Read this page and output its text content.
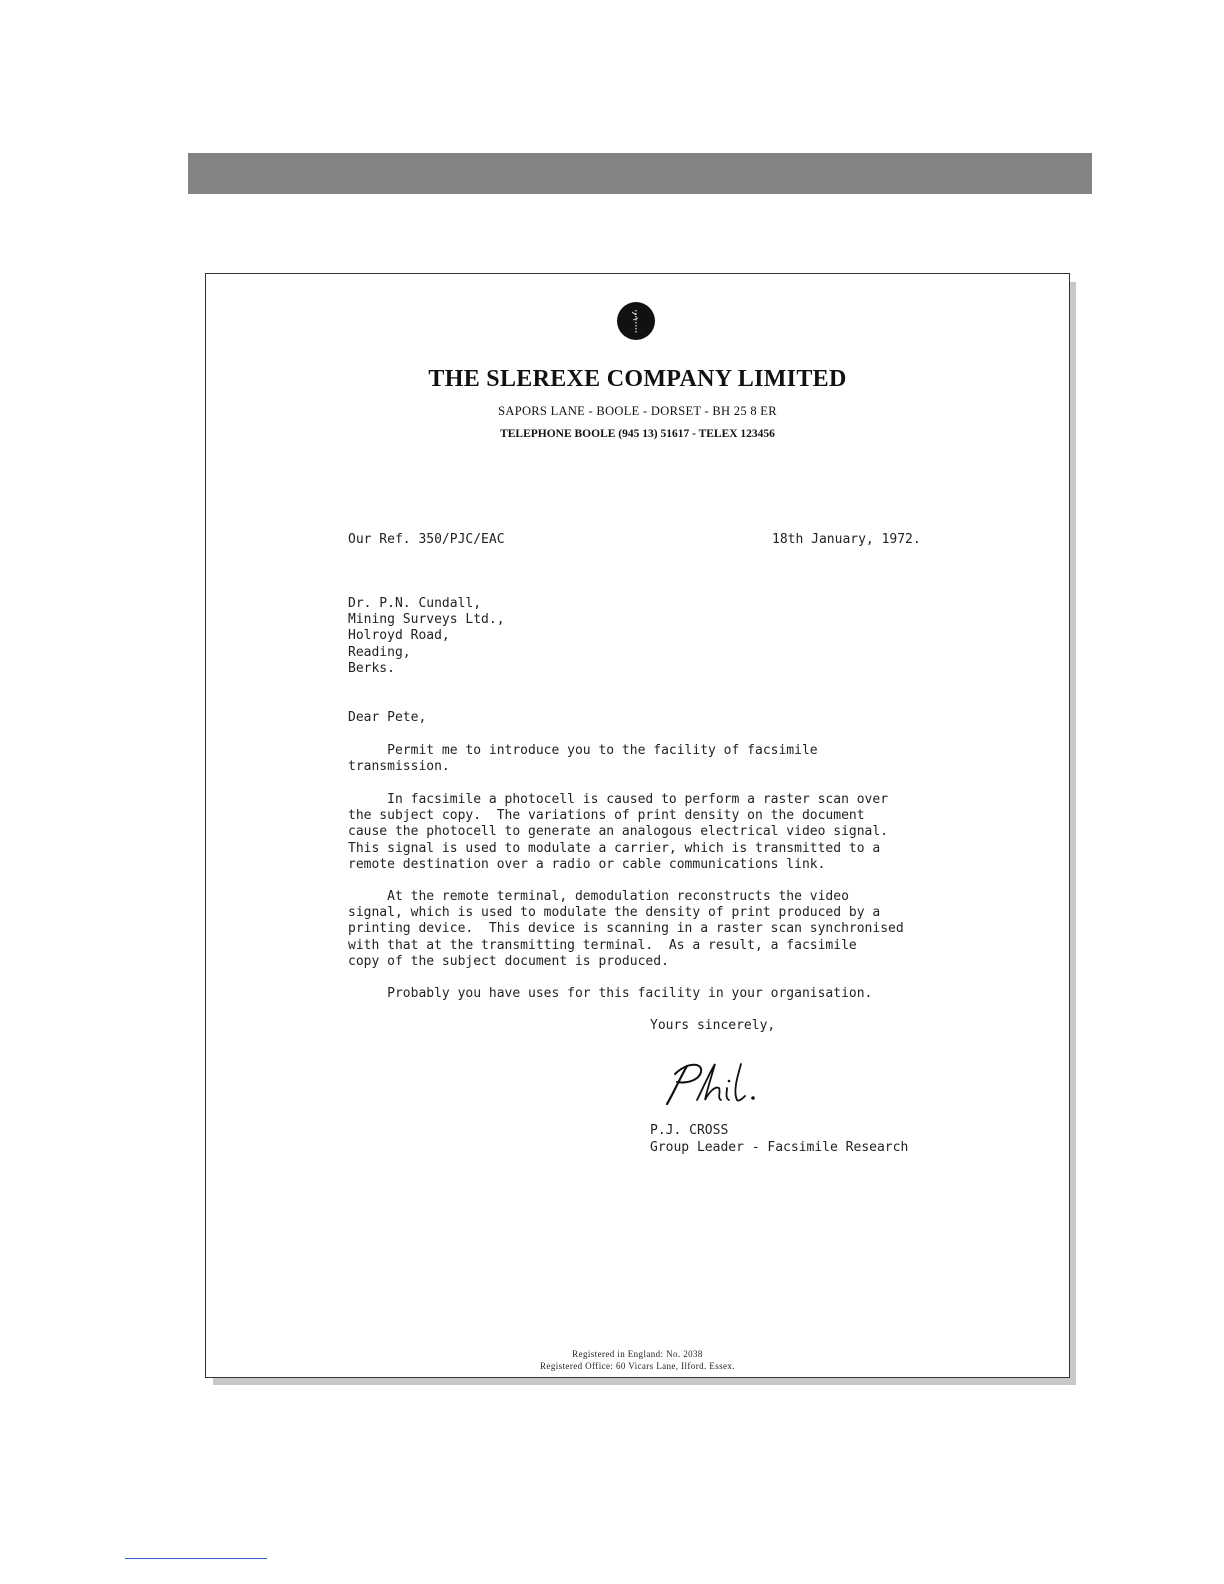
THE SLEREXE COMPANY LIMITED
SAPORS LANE - BOOLE - DORSET - BH 25 8 ER
TELEPHONE BOOLE (945 13) 51617 - TELEX 123456
Our Ref. 350/PJC/EAC	18th January, 1972.
Dr. P.N. Cundall,
Mining Surveys Ltd.,
Holroyd Road,
Reading,
Berks.
Dear Pete,
Permit me to introduce you to the facility of facsimile
transmission.
In facsimile a photocell is caused to perform a raster scan over
the subject copy.  The variations of print density on the document
cause the photocell to generate an analogous electrical video signal.
This signal is used to modulate a carrier, which is transmitted to a
remote destination over a radio or cable communications link.
At the remote terminal, demodulation reconstructs the video
signal, which is used to modulate the density of print produced by a
printing device.  This device is scanning in a raster scan synchronised
with that at the transmitting terminal.  As a result, a facsimile
copy of the subject document is produced.
Probably you have uses for this facility in your organisation.
Yours sincerely,
P.J. CROSS
Group Leader - Facsimile Research
Registered in England: No. 2038
Registered Office: 60 Vicars Lane, Ilford. Essex.
